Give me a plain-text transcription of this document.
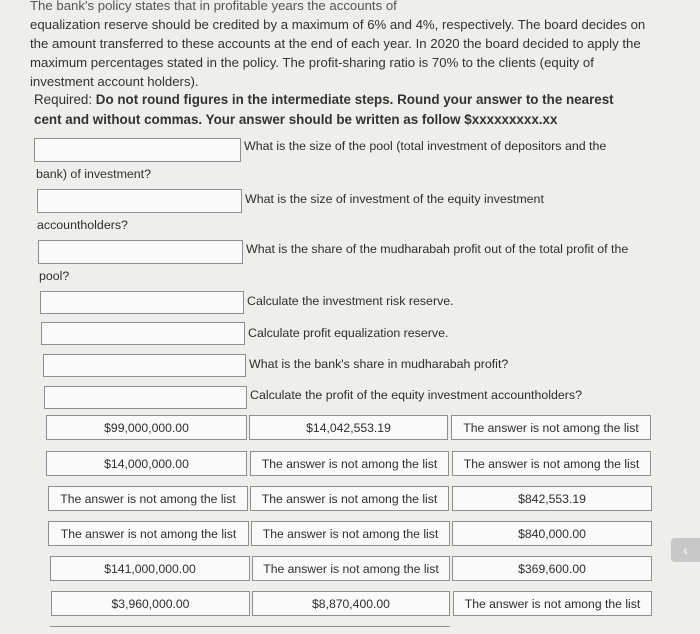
The bank's policy states that in profitable years the accounts of
equalization reserve should be credited by a maximum of 6% and 4%, respectively. The board decides on
the amount transferred to these accounts at the end of each year. In 2020 the board decided to apply the
maximum percentages stated in the policy. The profit-sharing ratio is 70% to the clients (equity of
investment account holders).
Required: Do not round figures in the intermediate steps. Round your answer to the nearest
cent and without commas. Your answer should be written as follow $xxxxxxxxx.xx
What is the size of the pool (total investment of depositors and the
bank) of investment?
What is the size of investment of the equity investment
accountholders?
What is the share of the mudharabah profit out of the total profit of the
pool?
Calculate the investment risk reserve.
Calculate profit equalization reserve.
What is the bank's share in mudharabah profit?
Calculate the profit of the equity investment accountholders?
$99,000,000.00	$14,042,553.19	The answer is not among the list
$14,000,000.00	The answer is not among the list	The answer is not among the list
The answer is not among the list	The answer is not among the list	$842,553.19
The answer is not among the list	The answer is not among the list	$840,000.00
$141,000,000.00	The answer is not among the list	$369,600.00
$3,960,000.00	$8,870,400.00	The answer is not among the list
‹
